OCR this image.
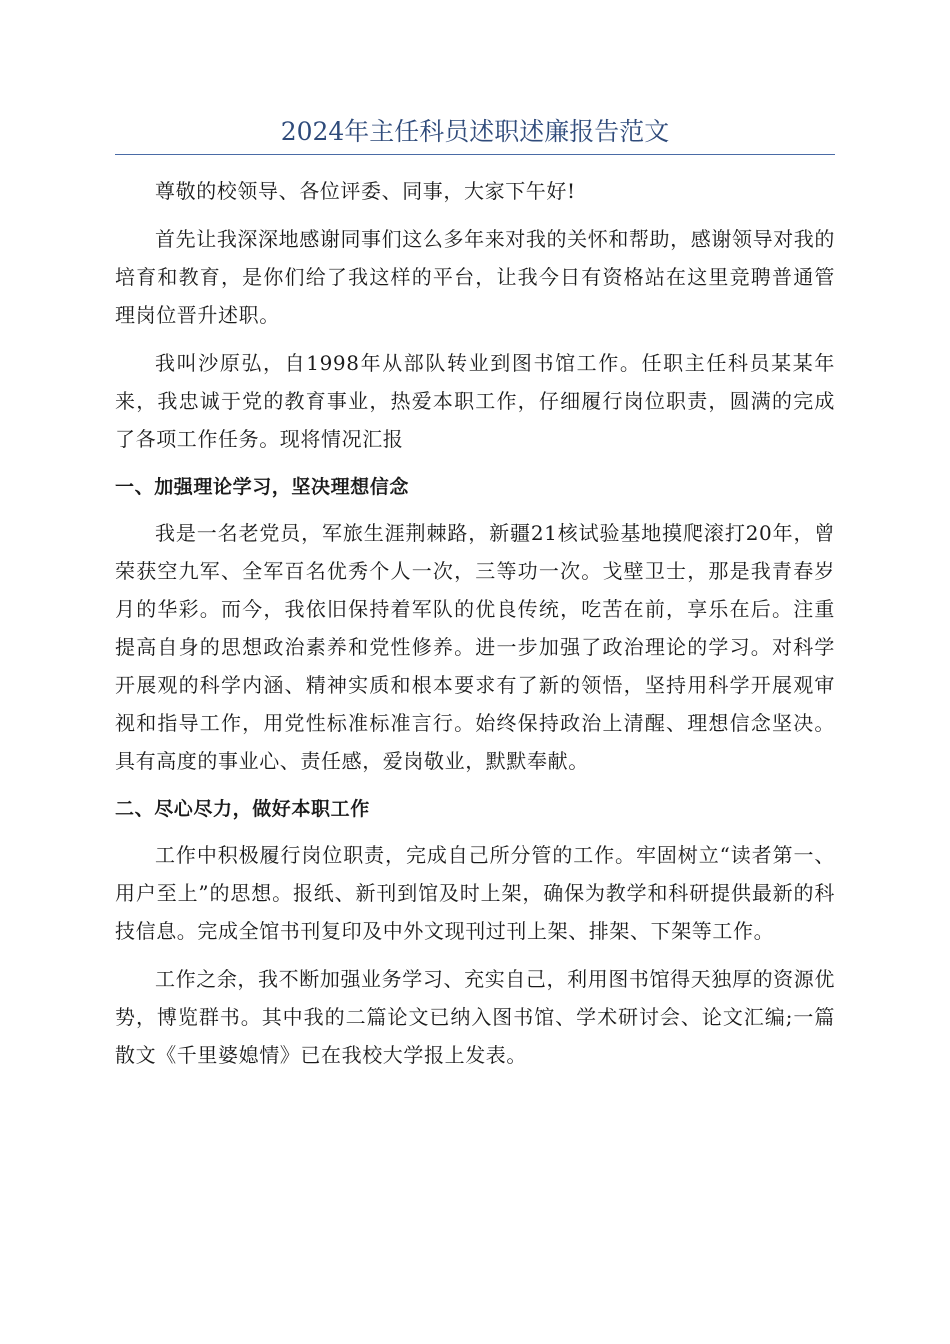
2024年主任科员述职述廉报告范文

尊敬的校领导、各位评委、同事，大家下午好!

首先让我深深地感谢同事们这么多年来对我的关怀和帮助，感谢领导对我的培育和教育，是你们给了我这样的平台，让我今日有资格站在这里竞聘普通管理岗位晋升述职。

我叫沙原弘，自1998年从部队转业到图书馆工作。任职主任科员某某年来，我忠诚于党的教育事业，热爱本职工作，仔细履行岗位职责，圆满的完成了各项工作任务。现将情况汇报

一、加强理论学习，坚决理想信念

我是一名老党员，军旅生涯荆棘路，新疆21核试验基地摸爬滚打20年，曾荣获空九军、全军百名优秀个人一次，三等功一次。戈壁卫士，那是我青春岁月的华彩。而今，我依旧保持着军队的优良传统，吃苦在前，享乐在后。注重提高自身的思想政治素养和党性修养。进一步加强了政治理论的学习。对科学开展观的科学内涵、精神实质和根本要求有了新的领悟，坚持用科学开展观审视和指导工作，用党性标准标准言行。始终保持政治上清醒、理想信念坚决。具有高度的事业心、责任感，爱岗敬业，默默奉献。

二、尽心尽力，做好本职工作

工作中积极履行岗位职责，完成自己所分管的工作。牢固树立“读者第一、用户至上”的思想。报纸、新刊到馆及时上架，确保为教学和科研提供最新的科技信息。完成全馆书刊复印及中外文现刊过刊上架、排架、下架等工作。

工作之余，我不断加强业务学习、充实自己，利用图书馆得天独厚的资源优势，博览群书。其中我的二篇论文已纳入图书馆、学术研讨会、论文汇编;一篇散文《千里婆媳情》已在我校大学报上发表。
